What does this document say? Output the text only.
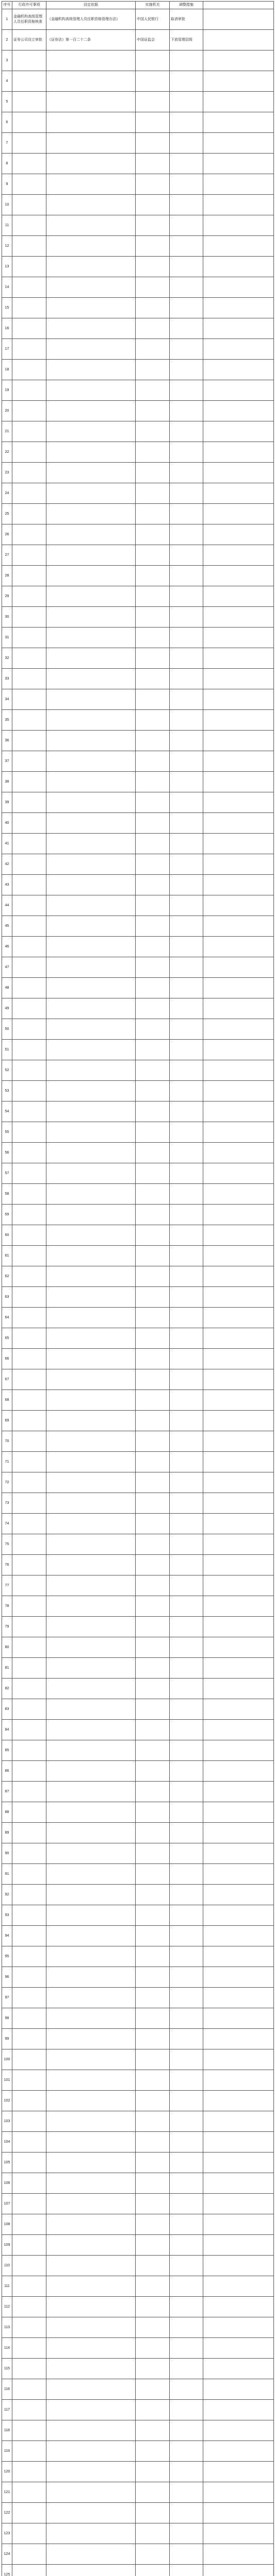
序号	行政许可事项	设定依据	实施机关	调整措施	
1	金融机构高级管理人员任职资格核准	《金融机构高级管理人员任职资格管理办法》	中国人民银行	取消审批	
2	证券公司设立审批	《证券法》第一百二十二条	中国证监会	下放管理层级	
3					
4					
5					
6					
7					
8					
9					
10					
11					
12					
13					
14					
15					
16					
17					
18					
19					
20					
21					
22					
23					
24					
25					
26					
27					
28					
29					
30					
31					
32					
33					
34					
35					
36					
37					
38					
39					
40					
41					
42					
43					
44					
45					
46					
47					
48					
49					
50					
51					
52					
53					
54					
55					
56					
57					
58					
59					
60					
61					
62					
63					
64					
65					
66					
67					
68					
69					
70					
71					
72					
73					
74					
75					
76					
77					
78					
79					
80					
81					
82					
83					
84					
85					
86					
87					
88					
89					
90					
91					
92					
93					
94					
95					
96					
97					
98					
99					
100					
101					
102					
103					
104					
105					
106					
107					
108					
109					
110					
111					
112					
113					
114					
115					
116					
117					
118					
119					
120					
121					
122					
123					
124					
125					
